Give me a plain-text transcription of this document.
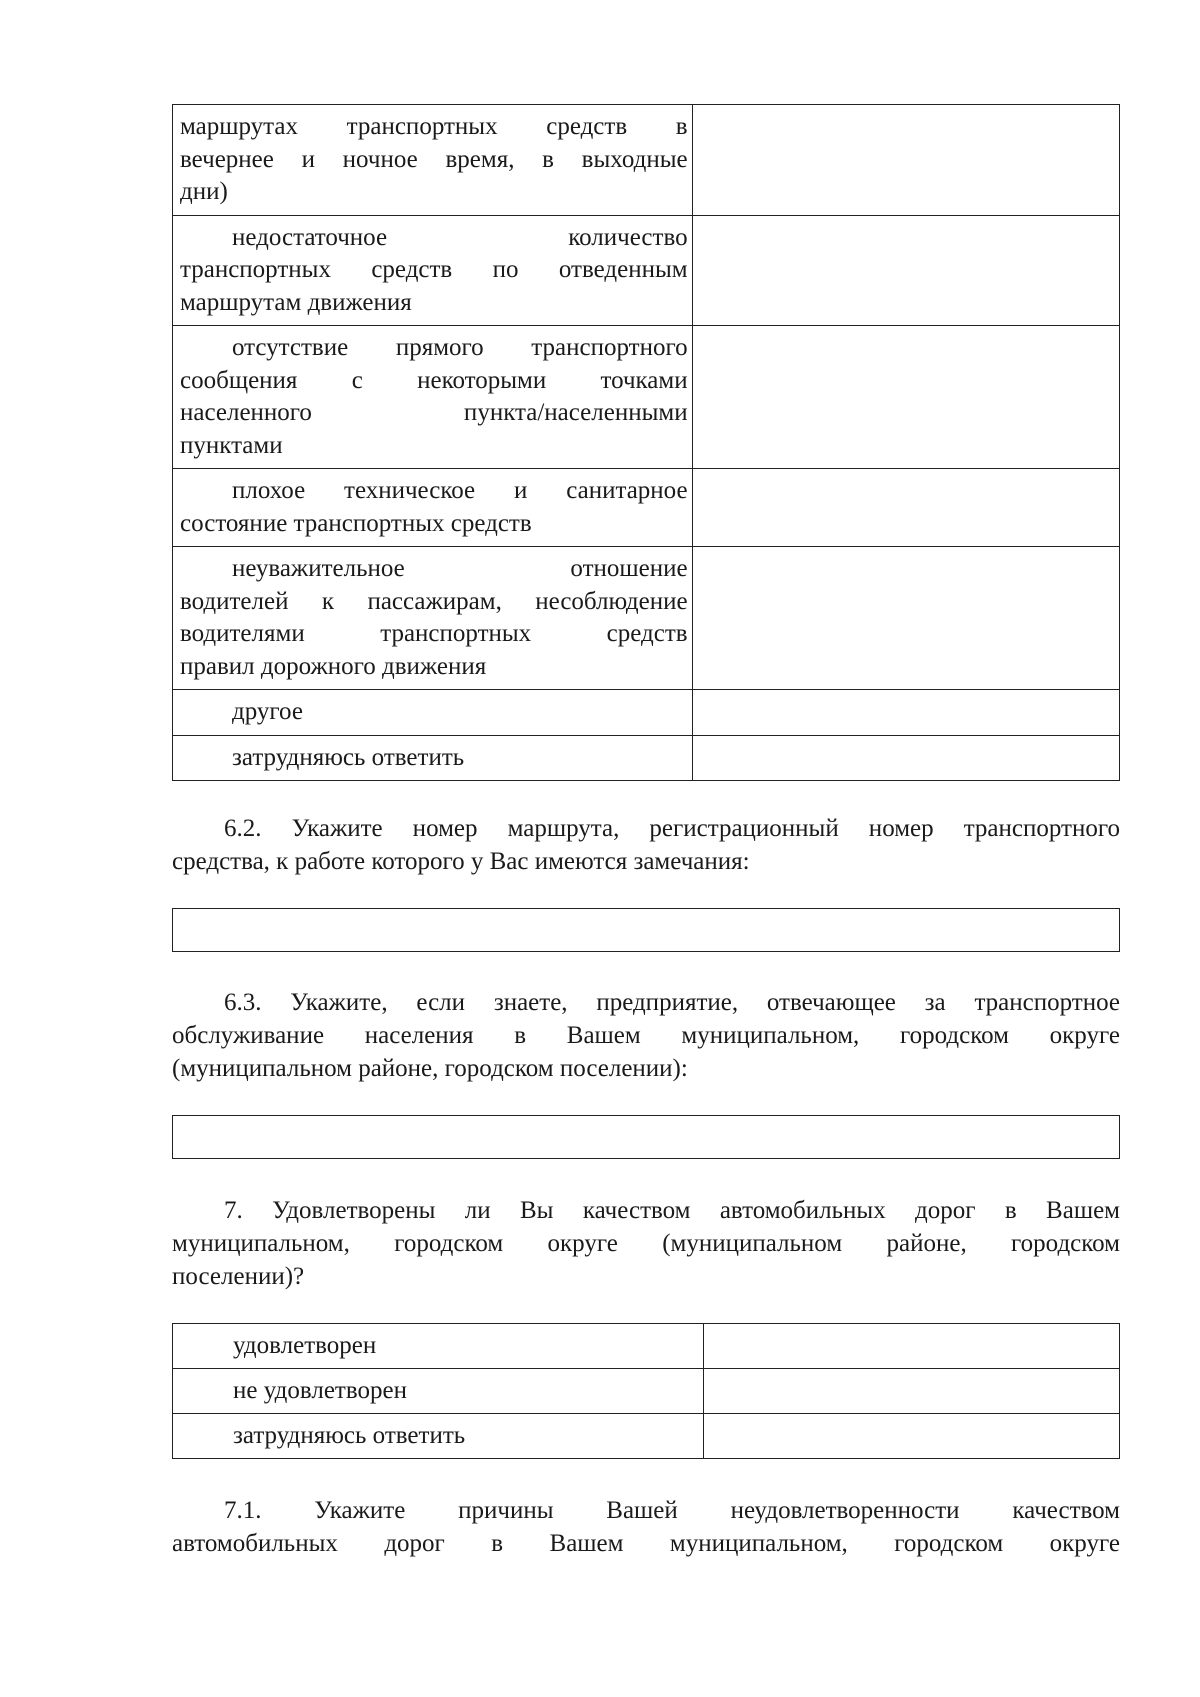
маршрутах транспортных средств в
вечернее и ночное время, в выходные
дни)	

недостаточное количество
транспортных средств по отведенным
маршрутам движения	

отсутствие прямого транспортного
сообщения с некоторыми точками
населенного пункта/населенными
пунктами	

плохое техническое и санитарное
состояние транспортных средств	

неуважительное отношение
водителей к пассажирам, несоблюдение
водителями транспортных средств
правил дорожного движения	

другое	

затрудняюсь ответить	

6.2. Укажите номер маршрута, регистрационный номер транспортного
средства, к работе которого у Вас имеются замечания:
6.3. Укажите, если знаете, предприятие, отвечающее за транспортное
обслуживание населения в Вашем муниципальном, городском округе
(муниципальном районе, городском поселении):
7. Удовлетворены ли Вы качеством автомобильных дорог в Вашем
муниципальном, городском округе (муниципальном районе, городском
поселении)?
удовлетворен	
не удовлетворен	
затрудняюсь ответить	
7.1. Укажите причины Вашей неудовлетворенности качеством
автомобильных дорог в Вашем муниципальном, городском округе
